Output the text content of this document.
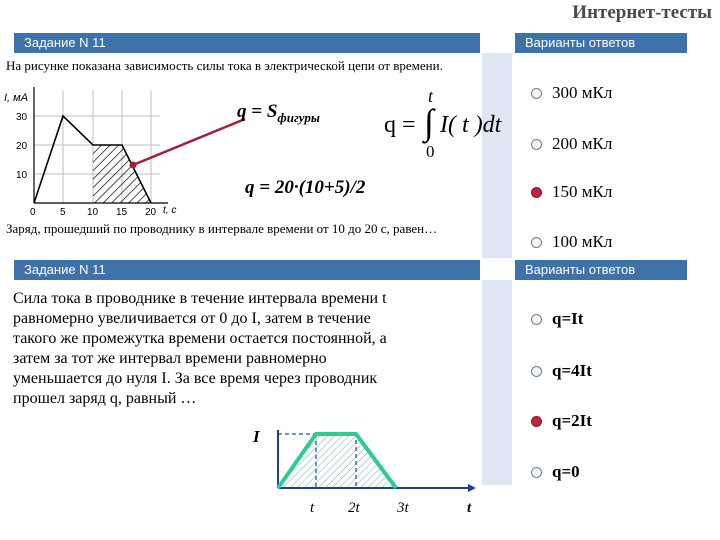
Интернет-тесты
Задание N 11	Варианты ответов
На рисунке показана зависимость силы тока в электрической цепи от времени.
I, мА
30
20
10
0 5 10 15 20 t, c
$q = S_{фигуры}$
t
q = ∫ I( t )dt
0
q = 20·(10+5)/2
Заряд, прошедший по проводнику в интервале времени от 10 до 20 с, равен…
300 мКл
200 мКл
150 мКл
100 мКл
Задание N 11	Варианты ответов
Сила тока в проводнике в течение интервала времени t
равномерно увеличивается от 0 до I, затем в течение
такого же промежутка времени остается постоянной, а
затем за тот же интервал времени равномерно
уменьшается до нуля I. За все время через проводник
прошел заряд q, равный …
I
t 2t 3t	t
q=It
q=4It
q=2It
q=0
